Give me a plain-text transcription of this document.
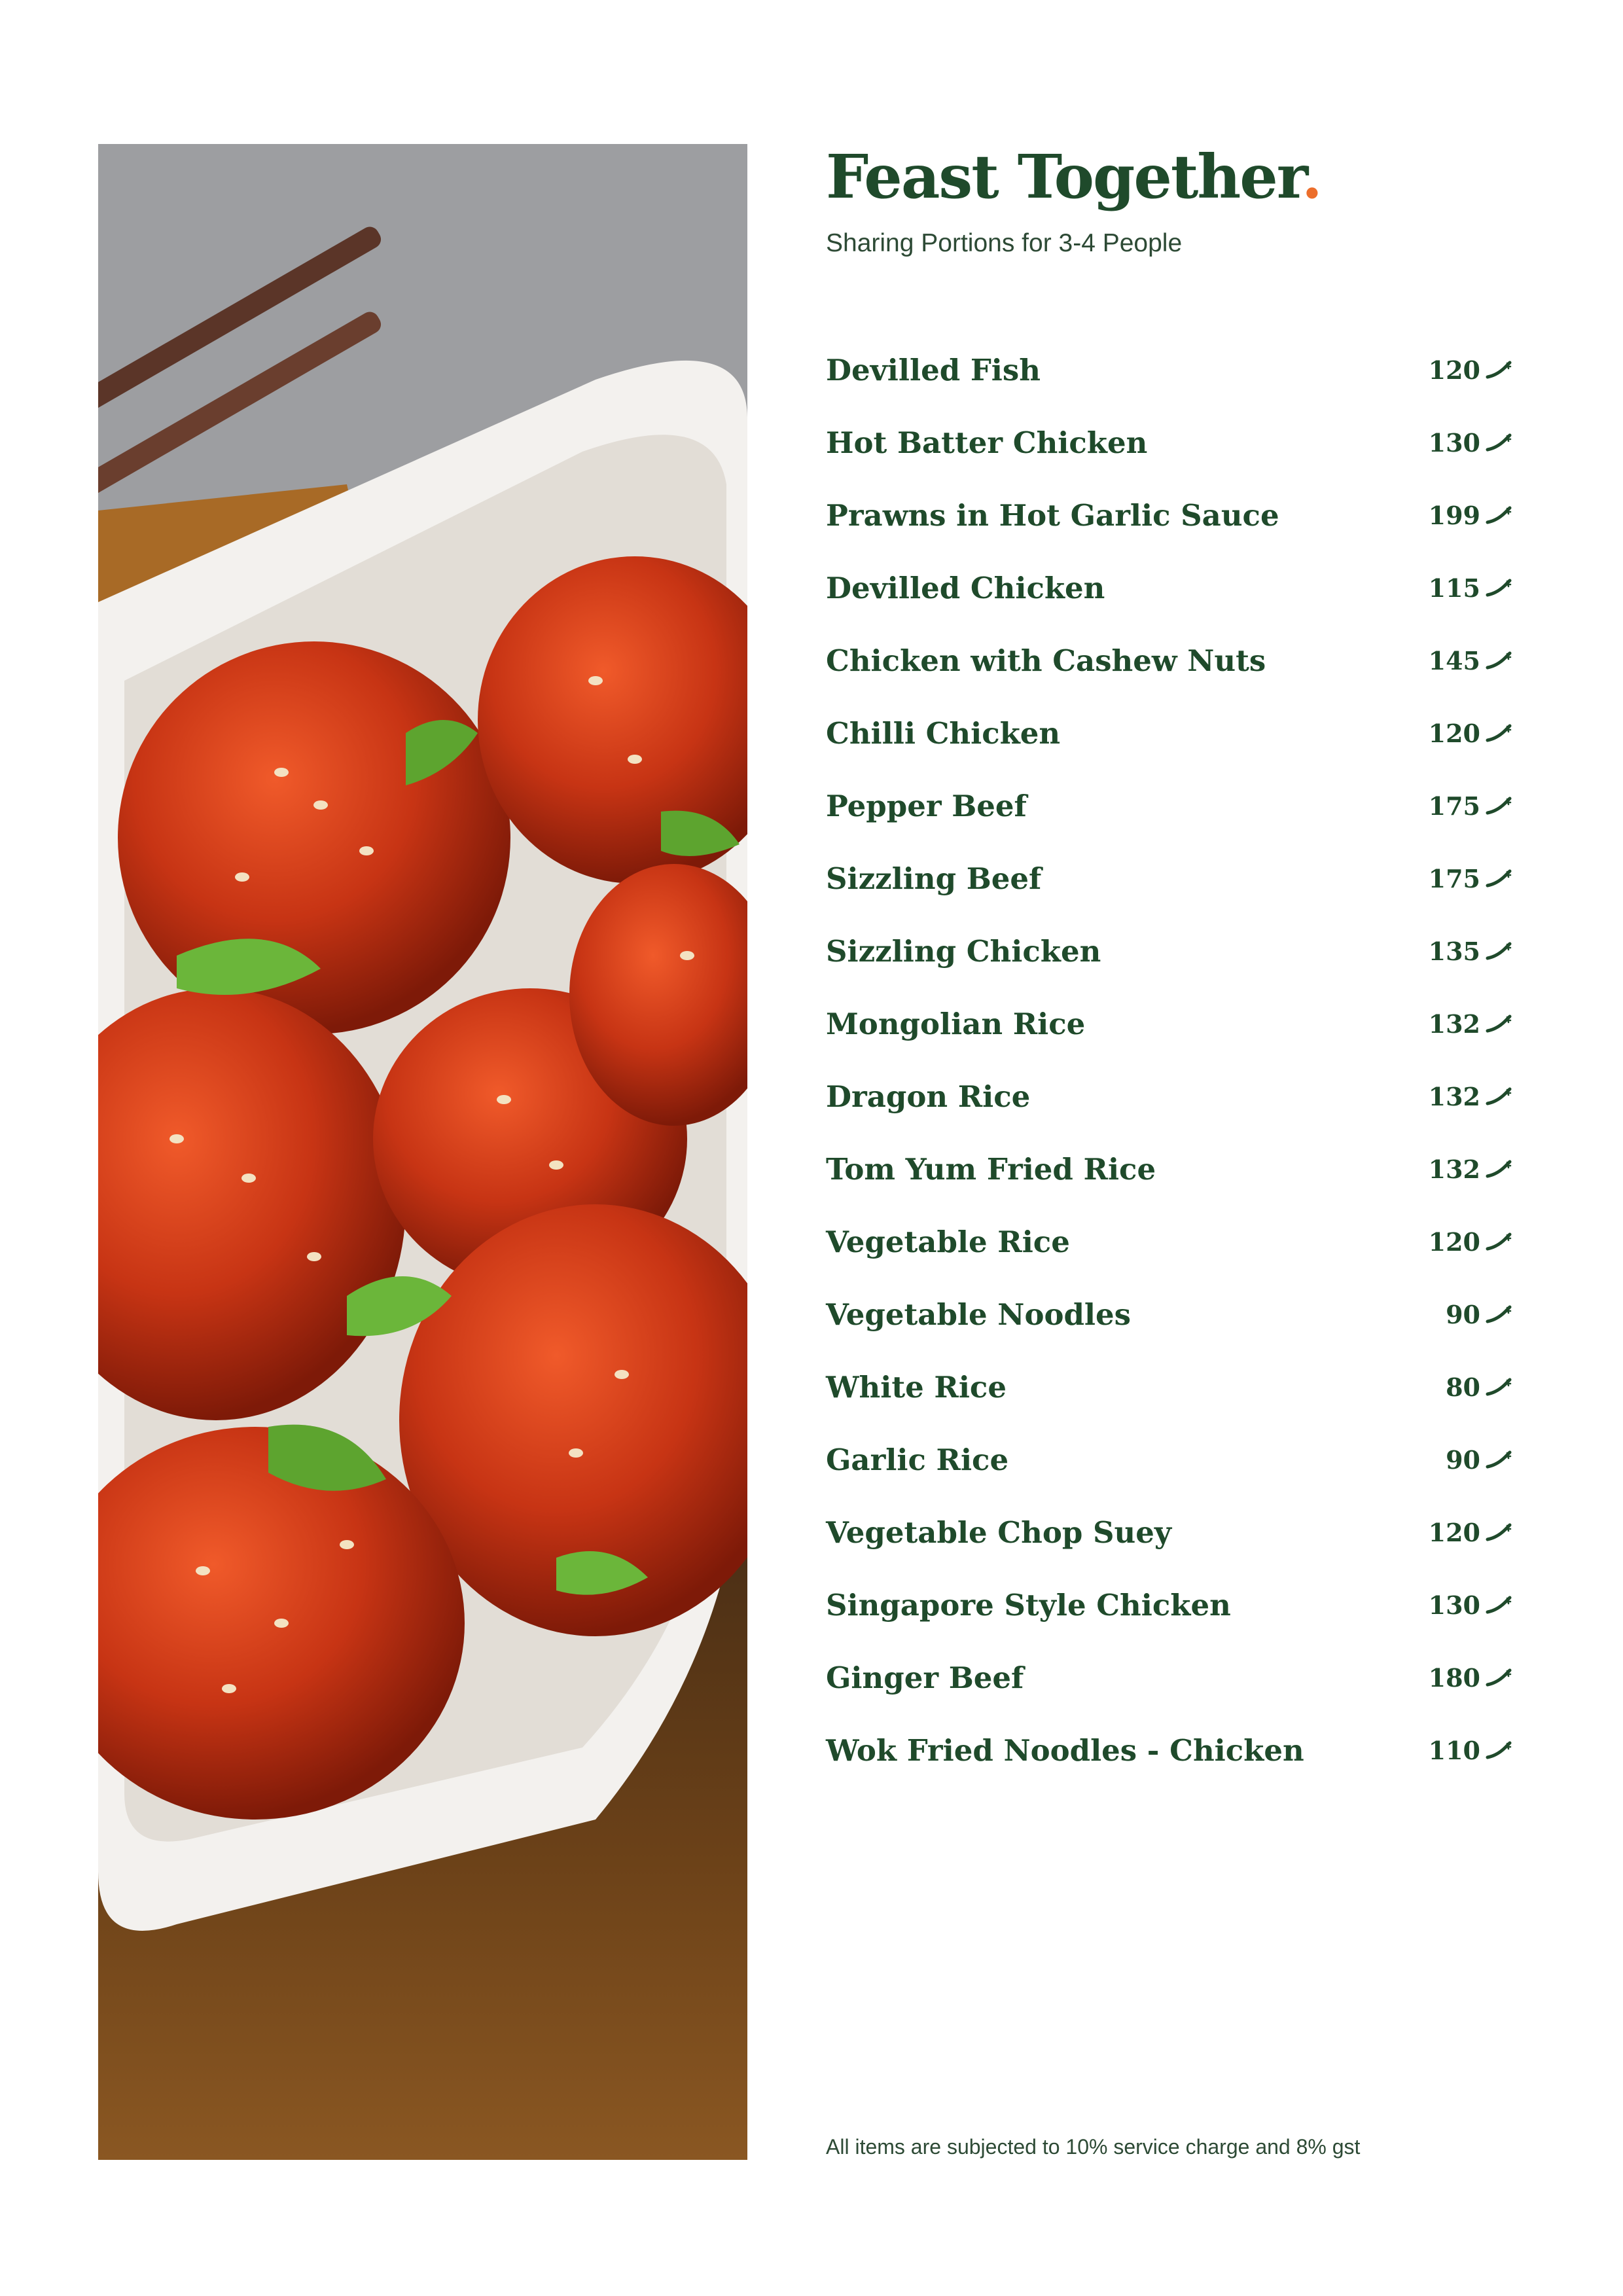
Feast Together.
Sharing Portions for 3-4 People
Devilled Fish	120
Hot Batter Chicken	130
Prawns in Hot Garlic Sauce	199
Devilled Chicken	115
Chicken with Cashew Nuts	145
Chilli Chicken	120
Pepper Beef	175
Sizzling Beef	175
Sizzling Chicken	135
Mongolian Rice	132
Dragon Rice	132
Tom Yum Fried Rice	132
Vegetable Rice	120
Vegetable Noodles	90
White Rice	80
Garlic Rice	90
Vegetable Chop Suey	120
Singapore Style Chicken	130
Ginger Beef	180
Wok Fried Noodles - Chicken	110
All items are subjected to 10% service charge and 8% gst
